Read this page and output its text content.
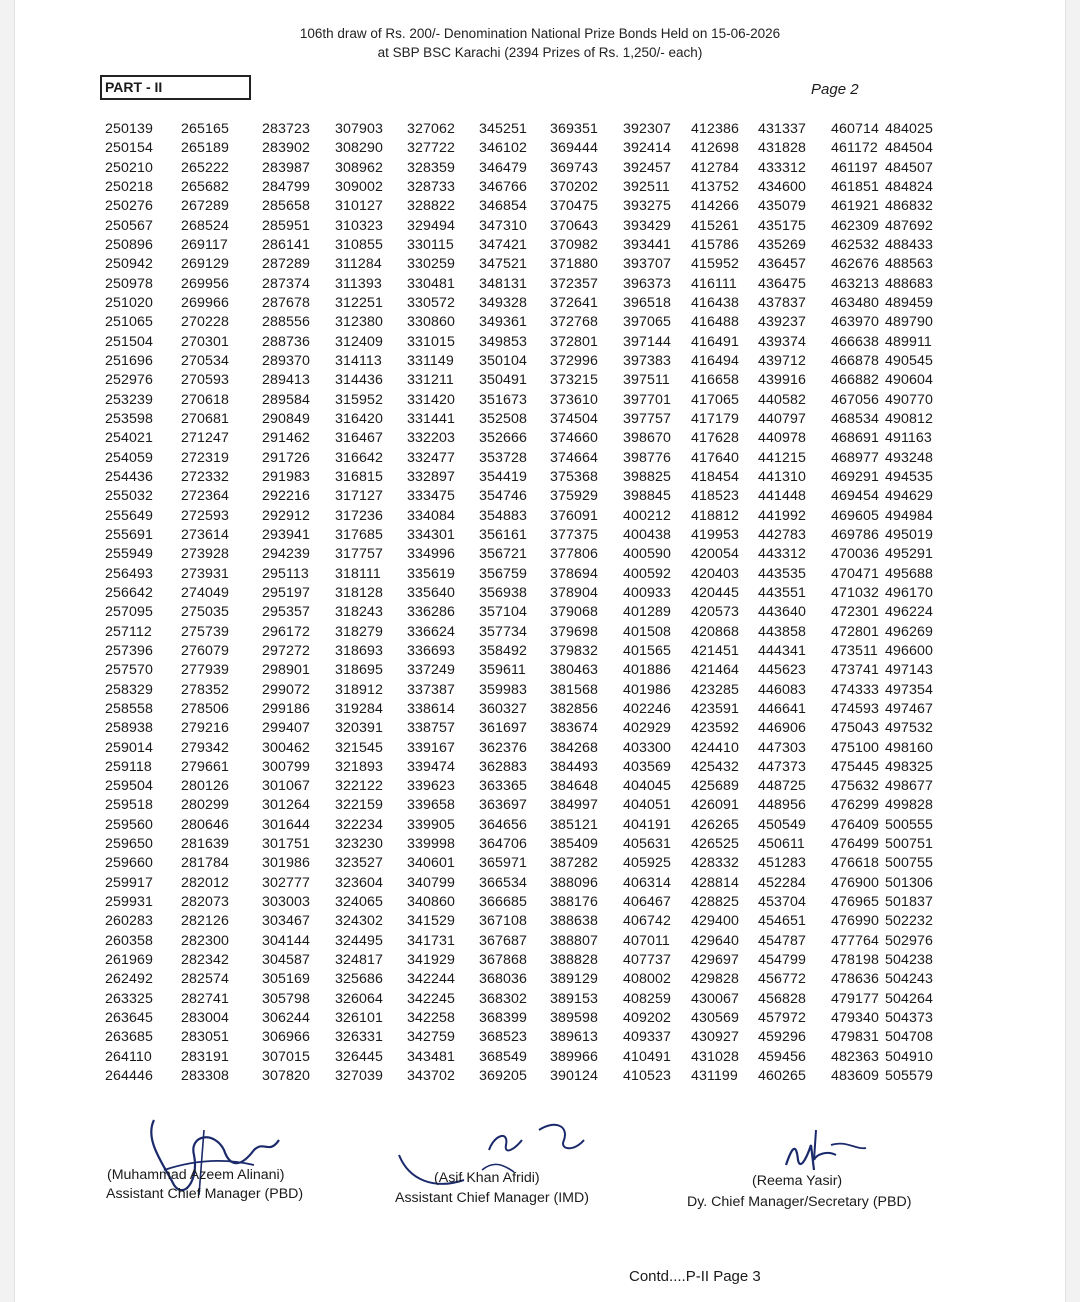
106th draw of Rs. 200/- Denomination National Prize Bonds Held on 15-06-2026
at SBP BSC Karachi (2394 Prizes of Rs. 1,250/- each)
PART - II	Page 2
250139
250154
250210
250218
250276
250567
250896
250942
250978
251020
251065
251504
251696
252976
253239
253598
254021
254059
254436
255032
255649
255691
255949
256493
256642
257095
257112
257396
257570
258329
258558
258938
259014
259118
259504
259518
259560
259650
259660
259917
259931
260283
260358
261969
262492
263325
263645
263685
264110
264446
265165
265189
265222
265682
267289
268524
269117
269129
269956
269966
270228
270301
270534
270593
270618
270681
271247
272319
272332
272364
272593
273614
273928
273931
274049
275035
275739
276079
277939
278352
278506
279216
279342
279661
280126
280299
280646
281639
281784
282012
282073
282126
282300
282342
282574
282741
283004
283051
283191
283308
283723
283902
283987
284799
285658
285951
286141
287289
287374
287678
288556
288736
289370
289413
289584
290849
291462
291726
291983
292216
292912
293941
294239
295113
295197
295357
296172
297272
298901
299072
299186
299407
300462
300799
301067
301264
301644
301751
301986
302777
303003
303467
304144
304587
305169
305798
306244
306966
307015
307820
307903
308290
308962
309002
310127
310323
310855
311284
311393
312251
312380
312409
314113
314436
315952
316420
316467
316642
316815
317127
317236
317685
317757
318111
318128
318243
318279
318693
318695
318912
319284
320391
321545
321893
322122
322159
322234
323230
323527
323604
324065
324302
324495
324817
325686
326064
326101
326331
326445
327039
327062
327722
328359
328733
328822
329494
330115
330259
330481
330572
330860
331015
331149
331211
331420
331441
332203
332477
332897
333475
334084
334301
334996
335619
335640
336286
336624
336693
337249
337387
338614
338757
339167
339474
339623
339658
339905
339998
340601
340799
340860
341529
341731
341929
342244
342245
342258
342759
343481
343702
345251
346102
346479
346766
346854
347310
347421
347521
348131
349328
349361
349853
350104
350491
351673
352508
352666
353728
354419
354746
354883
356161
356721
356759
356938
357104
357734
358492
359611
359983
360327
361697
362376
362883
363365
363697
364656
364706
365971
366534
366685
367108
367687
367868
368036
368302
368399
368523
368549
369205
369351
369444
369743
370202
370475
370643
370982
371880
372357
372641
372768
372801
372996
373215
373610
374504
374660
374664
375368
375929
376091
377375
377806
378694
378904
379068
379698
379832
380463
381568
382856
383674
384268
384493
384648
384997
385121
385409
387282
388096
388176
388638
388807
388828
389129
389153
389598
389613
389966
390124
392307
392414
392457
392511
393275
393429
393441
393707
396373
396518
397065
397144
397383
397511
397701
397757
398670
398776
398825
398845
400212
400438
400590
400592
400933
401289
401508
401565
401886
401986
402246
402929
403300
403569
404045
404051
404191
405631
405925
406314
406467
406742
407011
407737
408002
408259
409202
409337
410491
410523
412386
412698
412784
413752
414266
415261
415786
415952
416111
416438
416488
416491
416494
416658
417065
417179
417628
417640
418454
418523
418812
419953
420054
420403
420445
420573
420868
421451
421464
423285
423591
423592
424410
425432
425689
426091
426265
426525
428332
428814
428825
429400
429640
429697
429828
430067
430569
430927
431028
431199
431337
431828
433312
434600
435079
435175
435269
436457
436475
437837
439237
439374
439712
439916
440582
440797
440978
441215
441310
441448
441992
442783
443312
443535
443551
443640
443858
444341
445623
446083
446641
446906
447303
447373
448725
448956
450549
450611
451283
452284
453704
454651
454787
454799
456772
456828
457972
459296
459456
460265
460714
461172
461197
461851
461921
462309
462532
462676
463213
463480
463970
466638
466878
466882
467056
468534
468691
468977
469291
469454
469605
469786
470036
470471
471032
472301
472801
473511
473741
474333
474593
475043
475100
475445
475632
476299
476409
476499
476618
476900
476965
476990
477764
478198
478636
479177
479340
479831
482363
483609
484025
484504
484507
484824
486832
487692
488433
488563
488683
489459
489790
489911
490545
490604
490770
490812
491163
493248
494535
494629
494984
495019
495291
495688
496170
496224
496269
496600
497143
497354
497467
497532
498160
498325
498677
499828
500555
500751
500755
501306
501837
502232
502976
504238
504243
504264
504373
504708
504910
505579
(Muhammad Azeem Alinani)
Assistant Chief Manager (PBD)
(Asif Khan Afridi)
Assistant Chief Manager (IMD)
(Reema Yasir)
Dy. Chief Manager/Secretary (PBD)
Contd....P-II Page 3
